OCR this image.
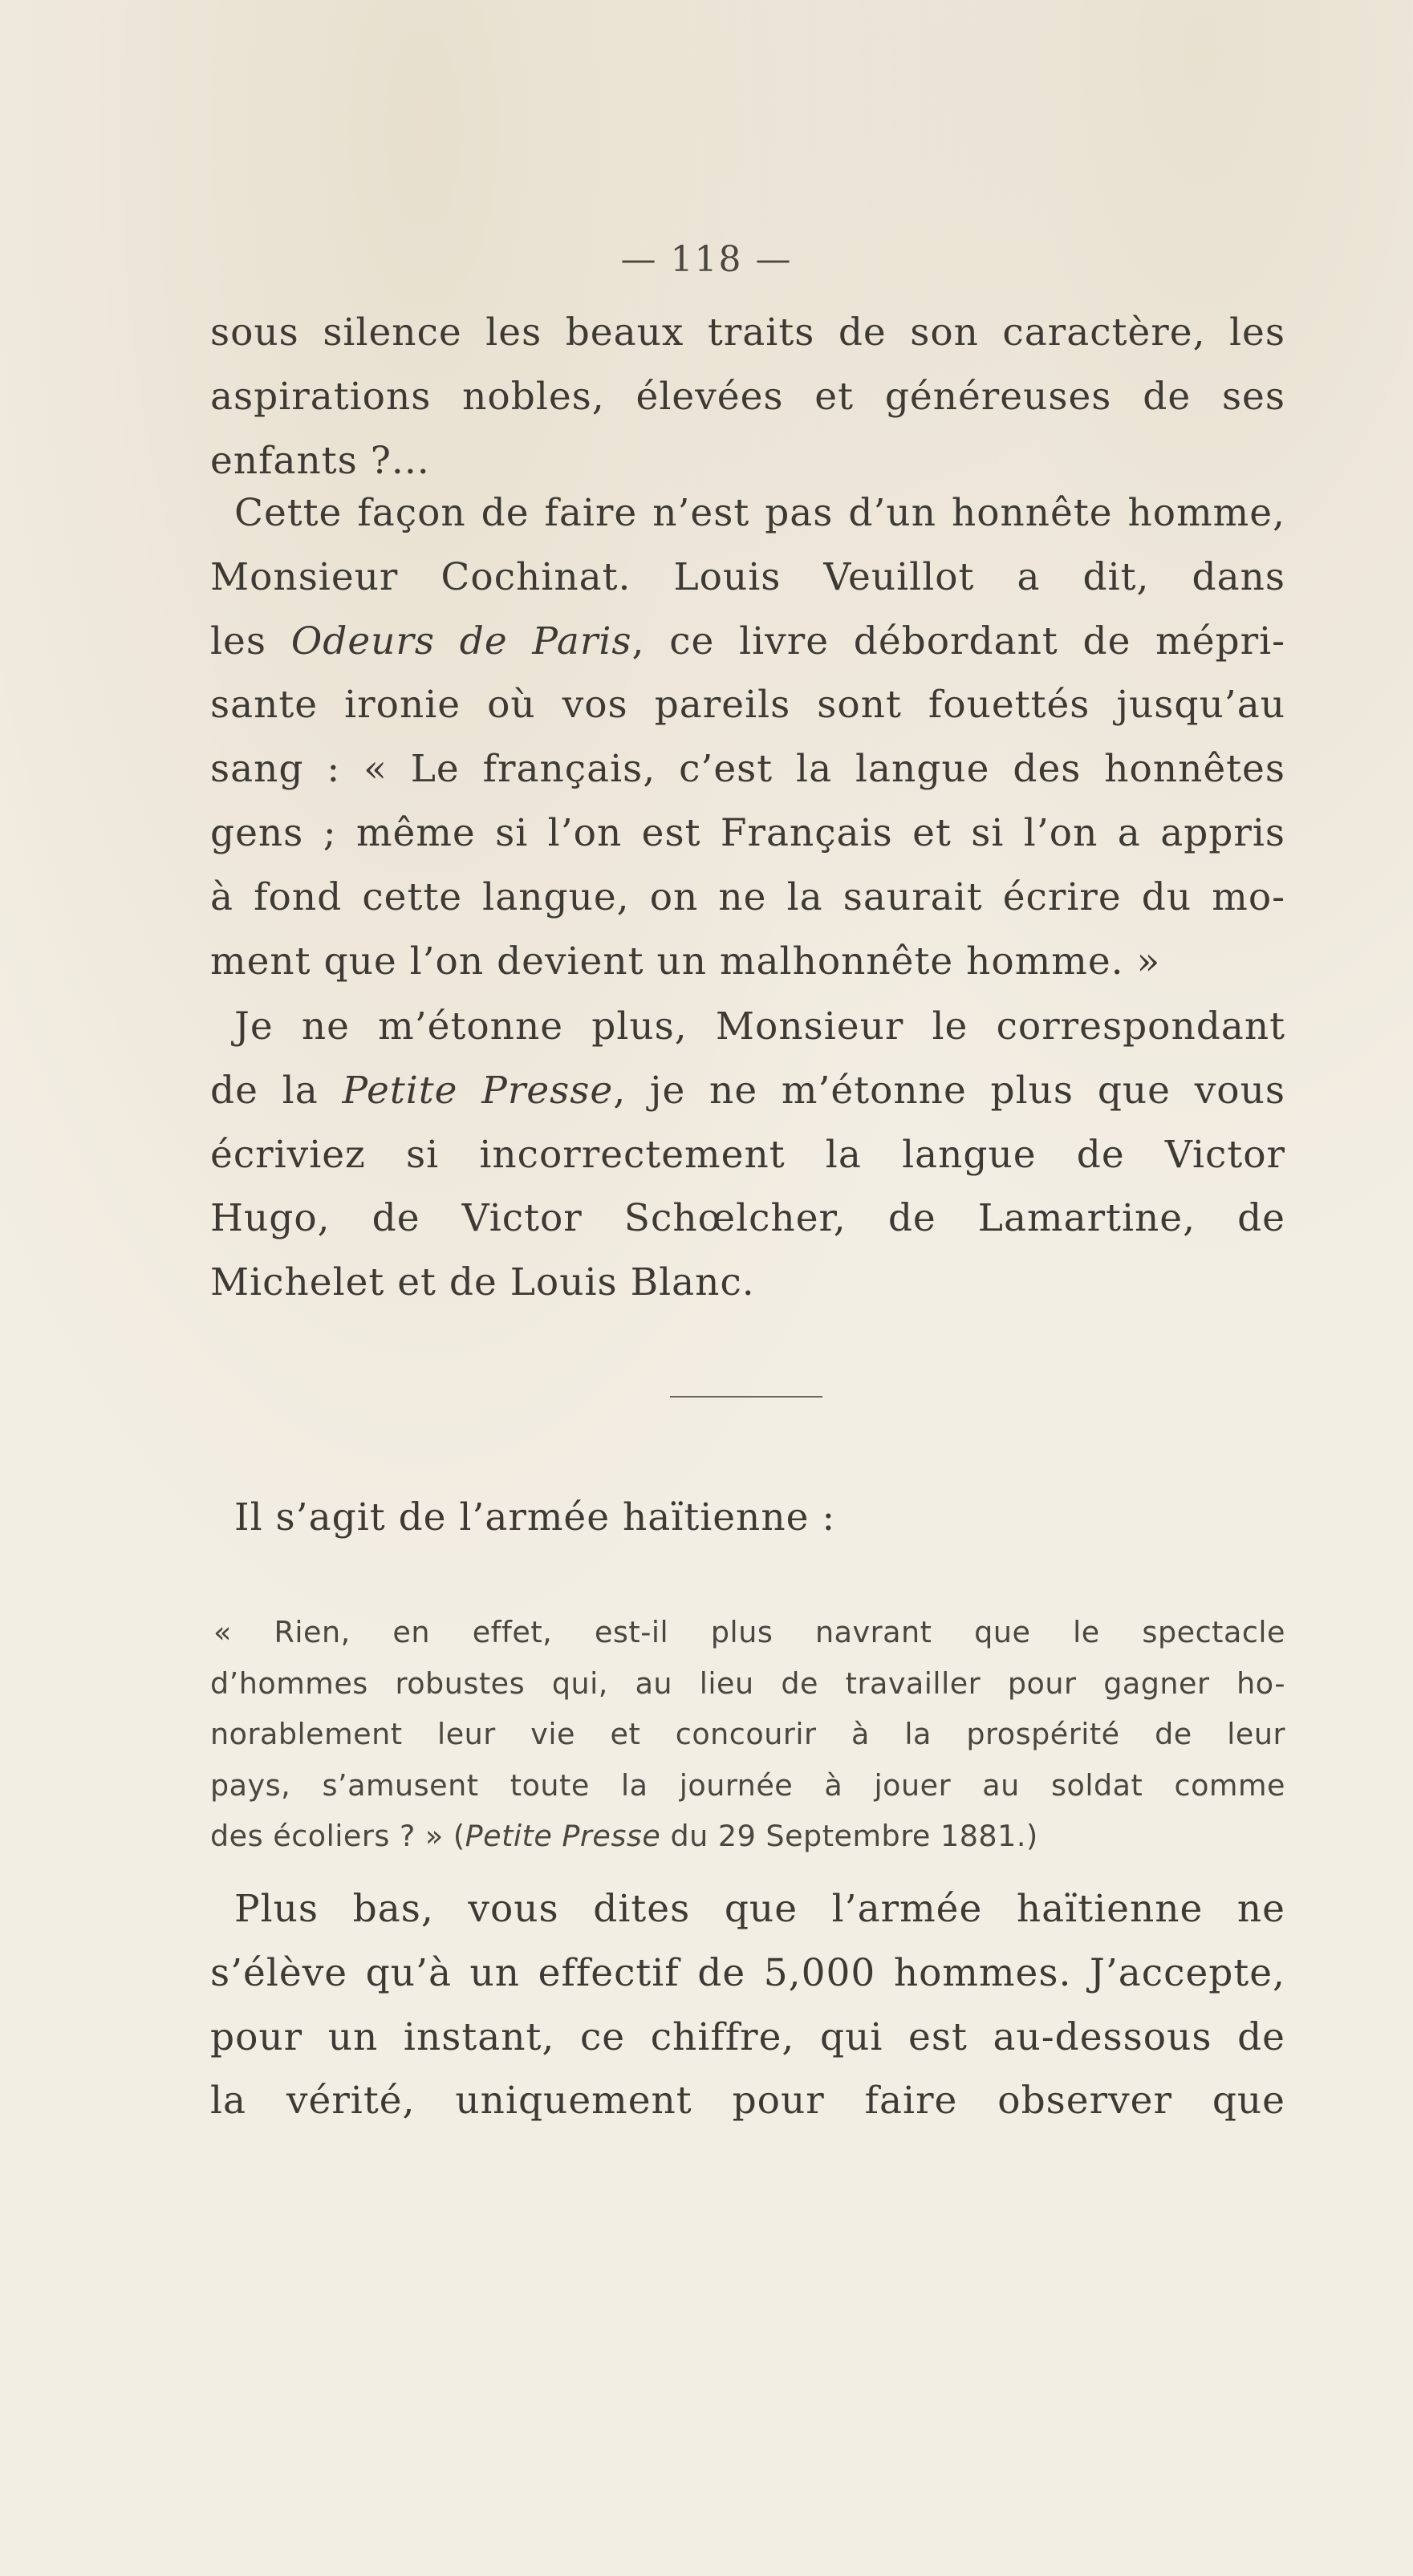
— 118 —
sous silence les beaux traits de son caractère, les
aspirations nobles, élevées et généreuses de ses
enfants ?...
Cette façon de faire n’est pas d’un honnête homme,
Monsieur Cochinat. Louis Veuillot a dit, dans
les Odeurs de Paris, ce livre débordant de mépri-
sante ironie où vos pareils sont fouettés jusqu’au
sang : « Le français, c’est la langue des honnêtes
gens ; même si l’on est Français et si l’on a appris
à fond cette langue, on ne la saurait écrire du mo-
ment que l’on devient un malhonnête homme. »
Je ne m’étonne plus, Monsieur le correspondant
de la Petite Presse, je ne m’étonne plus que vous
écriviez si incorrectement la langue de Victor
Hugo, de Victor Schœlcher, de Lamartine, de
Michelet et de Louis Blanc.
Il s’agit de l’armée haïtienne :
« Rien, en effet, est-il plus navrant que le spectacle
d’hommes robustes qui, au lieu de travailler pour gagner ho-
norablement leur vie et concourir à la prospérité de leur
pays, s’amusent toute la journée à jouer au soldat comme
des écoliers ? » (Petite Presse du 29 Septembre 1881.)
Plus bas, vous dites que l’armée haïtienne ne
s’élève qu’à un effectif de 5,000 hommes. J’accepte,
pour un instant, ce chiffre, qui est au-dessous de
la vérité, uniquement pour faire observer que
